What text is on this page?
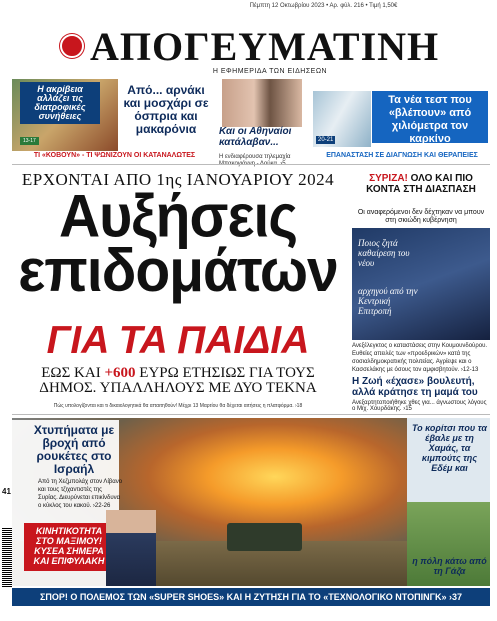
Πέμπτη 12 Οκτωβρίου 2023 • Αρ. φύλ. 216 • Τιμή 1,50€
ΑΠΟΓΕΥΜΑΤΙΝΗ
Η ΕΦΗΜΕΡΙΔΑ ΤΩΝ ΕΙΔΗΣΕΩΝ
Η ακρίβεια αλλάζει τις διατροφικές συνήθειες
13-17
Από... αρνάκι και μοσχάρι σε όσπρια και μακαρόνια
ΤΙ «ΚΟΒΟΥΝ» - ΤΙ ΨΩΝΙΖΟΥΝ ΟΙ ΚΑΤΑΝΑΛΩΤΕΣ
Και οι Αθηναίοι κατάλαβαν...
Η ενδιαφέρουσα τηλεμαχία
20-21
Τα νέα τεστ που «βλέπουν» από χιλιόμετρα τον καρκίνο
ΕΠΑΝΑΣΤΑΣΗ ΣΕ ΔΙΑΓΝΩΣΗ ΚΑΙ ΘΕΡΑΠΕΙΕΣ
ΕΡΧΟΝΤΑΙ ΑΠΟ 1ης ΙΑΝΟΥΑΡΙΟΥ 2024
Αυξήσεις
επιδομάτων
ΓΙΑ ΤΑ ΠΑΙΔΙΑ
ΕΩΣ ΚΑΙ +600 ΕΥΡΩ ΕΤΗΣΙΩΣ ΓΙΑ ΤΟΥΣ ΔΗΜΟΣ. ΥΠΑΛΛΗΛΟΥΣ ΜΕ ΔΥΟ ΤΕΚΝΑ
Πώς υπολογίζονται και τι δικαιολογητικά θα απαιτηθούν! Μέχρι 13 Μαρτίου θα δέχεται αιτήσεις η πλατφόρμα. ›18
ΣΥΡΙΖΑ! ΟΛΟ ΚΑΙ ΠΙΟ ΚΟΝΤΑ ΣΤΗ ΔΙΑΣΠΑΣΗ
Οι αναφερόμενοι δεν δέχτηκαν να μπουν στη σκιώδη κυβέρνηση
Ποιος ζητά καθαίρεση του νέου
αρχηγού από την Κεντρική Επιτροπή
Ανεξέλεγκτος ο καταστάσεις στην Κουμουνδούρου. Ευθείες απειλές των «προεδρικών» κατά της σοσιαλδημοκρατικής πολιτείας. Αγρίεψε και ο Κασσελάκης με όσους τον αμφισβητούν. ›12-13
Η Ζωή «έχασε» βουλευτή, αλλά κράτησε τη μαμά του
Ανεξαρτητοποιήθηκε χθες για... άγνωστους λόγους ο Μιχ. Χουρδάκης. ›15
Χτυπήματα με βροχή από ρουκέτες στο Ισραήλ
Από τη Χεζμπολάχ στον Λίβανο και τους τζιχαντιστές της Συρίας. Διευρύνεται επικίνδυνα ο κύκλος του κακού. ›22-26
ΚΙΝΗΤΙΚΟΤΗΤΑ ΣΤΟ ΜΑΞΙΜΟΥ! ΚΥΣΕΑ ΣΗΜΕΡΑ ΚΑΙ ΕΠΙΦΥΛΑΚΗ
Το κορίτσι που τα έβαλε με τη Χαμάς, τα κιμπούτς της Εδέμ και
η πόλη κάτω από τη Γάζα
41
ΣΠΟΡ! Ο ΠΟΛΕΜΟΣ ΤΩΝ «SUPER SHOES» ΚΑΙ Η ΖΥΤΗΣΗ ΓΙΑ ΤΟ «ΤΕΧΝΟΛΟΓΙΚΟ ΝΤΟΠΙΝΓΚ» ›37
